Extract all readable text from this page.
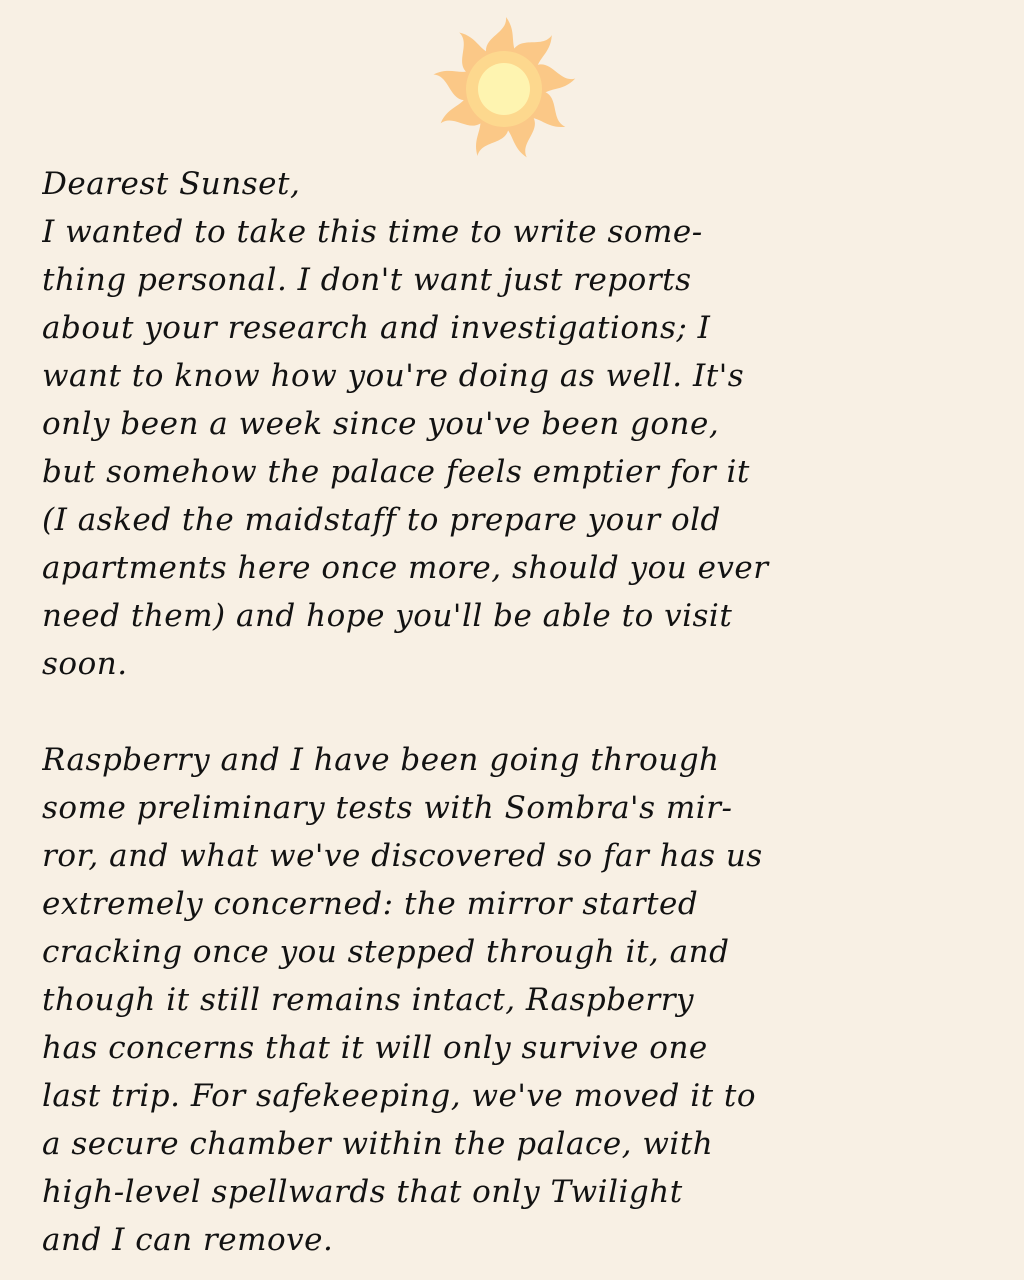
Dearest Sunset,
I wanted to take this time to write some-
thing personal. I don't want just reports
about your research and investigations; I
want to know how you're doing as well. It's
only been a week since you've been gone,
but somehow the palace feels emptier for it
(I asked the maidstaff to prepare your old
apartments here once more, should you ever
need them) and hope you'll be able to visit
soon.
Raspberry and I have been going through
some preliminary tests with Sombra's mir-
ror, and what we've discovered so far has us
extremely concerned: the mirror started
cracking once you stepped through it, and
though it still remains intact, Raspberry
has concerns that it will only survive one
last trip. For safekeeping, we've moved it to
a secure chamber within the palace, with
high-level spellwards that only Twilight
and I can remove.
